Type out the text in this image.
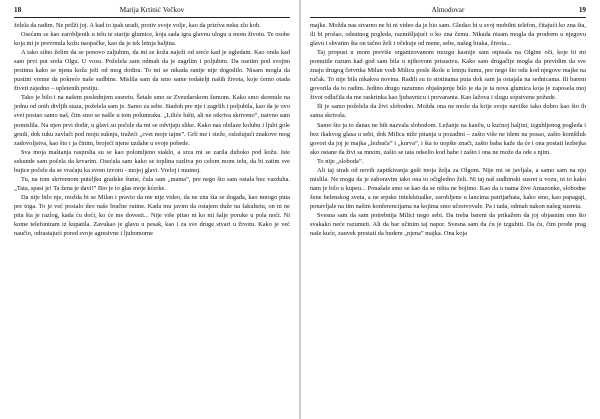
18	Marija Krtinić Večkov

želela da radim. Ne prilži joj. A kad to ipak uradi, protiv svoje volje, kao da prizíva neku zlu kob.

Osećam se kao zarobljenik u telu te starije glumice, koja sada igra glavnu ulogu u mom životu. Te osobe koja mi je prevrnula kožu naopačke, kao da je tek letnja haljina.

A tako silno želim da se ponovo zaljubim, da mi se koža naježi od sreće kad je ugledam. Kao onda kad sam prvi put sreła Olgu. U vozu. Poželela sam odmah da je zagrlim i poljubim. Da osetim pod svojim prstima kako se njena koža ježi od mog dodira. To mi se nikada ranije nije dogodilo. Nisam mogla da pustim vreme da pokreće naše sudbine. Mislila sam da smo same redatelji naših života, koje ćemo otada živeti zajedno – upletenih prstiju.

Tako je bilo i na našem poslednjem susretu. Šetale smo se Zvezdarskom šumom. Kako smo skrenule na jednu od onih divljih staza, poželela sam je. Samo za sebe. Stadoh pre nje i zagrlih i poljubila, kao da je ovo svet postao samo naš, čim smo se našle u tom polumraku. „Liliće lušti, ali ne otkriva skriveno”, naivno sam pomislila. Na njen prvi dodir, u glavi su počele da mi se odvijaju slike. Kako nas obilaze kolubu i ljubi gole grudi, dok tuku zavlači pod moju suknju, tražeći „cvet moje tajne”. Grli me i steže, oslušujući znakove mog zadovoljstva, kao što i ja činim, brojeći njene uzdahe u svoje pobede.

Sva moja maštanja rasprslia su se kao polomljeno staklo, a srca mi se zarila duboko pod kožu. Iste sekunde sam počela da krvarim. Osećala sam kako se toplina razliva po celom mom telu, da bi zatim sve bujice počele da se vraćaju ka svom izvoru - mojoj glavi. Vreloj i mutnoj.

Tu, na tom skrivenom puteljku gradske šume, čula sam „mama”, pre nego što sam ostala bez vazduha. „Tata, spasi je! Ta žena je davi!” Bio je to glas moje kćerke.

Da nije bilo nje, možda bi se Milan i pravio da me nije video, da ne zna šta se događa, kao mnogo puta pre toga. To je već postalo deo naše bračne rutine. Kada mu javim da ostajem duže na fakultetu, on ni ne pita šta je razlog, kada ću doći, ko će me dovesti... Nije više pitao ni ko mi šalje poruke u pola noći. Ni kome telefoniram iz kupatila. Zavukao je glavu u pesak, kao i za sve druge stvari u životu. Kako je već naučio, odrastajući pored svoje agresivne i ljubomorne

Almodovar	19

majke. Možda nas stvarno ne bi ni video da je bio sam. Gledao bi u svoj mobilni telefon, čitajući ko zna šta, ili bi prošao, odsutnog pogleda, razmišljajući o ko zna čemu. Nikada nisam mogla da prodrem u njegovu glavu i shvatim šta on tačno želi i očekuje od mene, sebe, našeg braka, života...

Taj propust u mom previše organizovanom mozgu kasnije sam otpisala na Olgine oči, koje bi mi pomutile razum kad god sam bila u njihovom prisustvu. Kako sam drugačije mogla da previdim da sve znaju drugog četvrtka Milan vodi Milicu posle škole u letnju šumu, pre nego što odu kod njegove majke na ručak. To nije bila nikakva novina. Radili su to stotinama puta dok sam ja ostajala na sednicama. Ili barem govorila da to radim. Jedino drugo razumno objašnjenje bilo je da je ta nova glumica koja je zaposela moj život odlučila da me raskrinka kao ljubavnicu i prevaranta. Kao lažova i slugu sopstvene požude.

Ili je samo poželela da živi slobodno. Možda ona ne može da krije svoje naviike tako dobro kao što ih sama skrivala.

Samo što ja to danas ne bih nazvala slobodom. Ležanje na kauču, u kućnoj haljini, izgubljenog pogleda i bez ikakvog glasa u sebi, dok Milica niže pitanja u pozadini – zašto više ne idem na posao, zašto komšiluk govori da joj je majka „lezbača” i „kurva”, i šta to uopšte znači, zašto baba kaže da će i ona postati lezbejka ako ostane da živi sa mnom, zašto se tata odselio kod babe i zašto i ona ne može da ode s njim.

To nije „sloboda”.

Ali taj strah od novih zapitkivanja guši moja želja za Olgom. Nije mi se javljala, a samo sam na nju mislila. Ne mogu da je zaboravim iako ona to očigledno želi. Ni taj naš sudbinski susret u vozu, ni to kako nam je bilo u kupeu... Ponašale smo se kao da se ništa ne bojimo. Kao da u nama žive Amazonke, slobodne žene helenskog sveta, a ne srpske intelektualke, zarobljene u lancima patrijarhata, kako smo, kao papagaji, ponavljale na tim našim konferencijama na kojima smo učestvovale. Pa i tada, odmah nakon našeg susreta.

Svesna sam da sam potrebnija Milici nego sebi. Da treba barem da prikažem da joj objasnim ono što svakako neće razumeti. Ali da bar učinim taj napor. Svesna sam da ću je izgubiti. Da ću, čim prođe prag naše kuće, zauvek prestati da budem „njena” majka. Ona koja
